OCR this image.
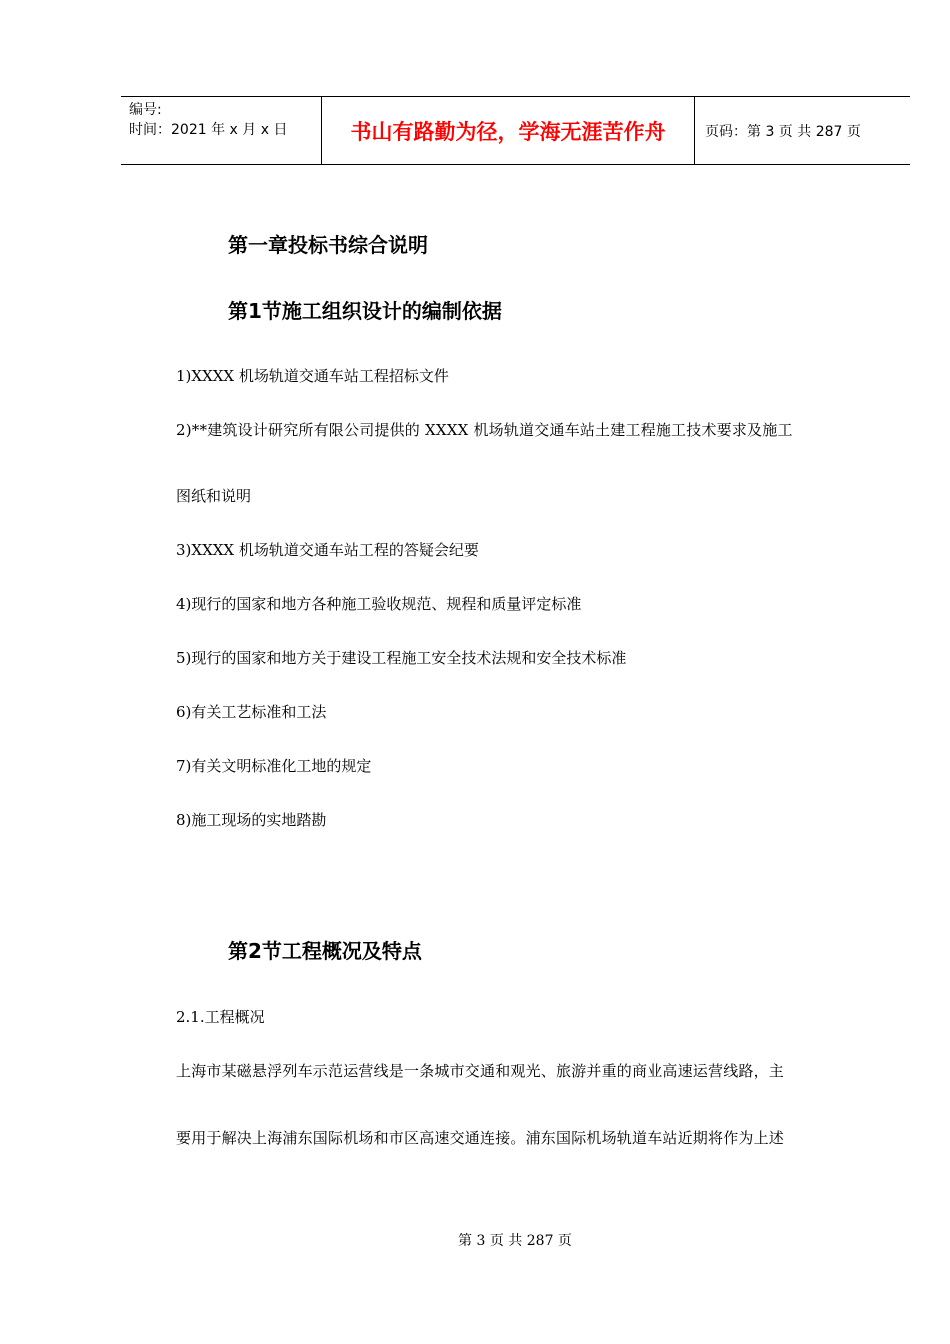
编号:
时间：2021 年 x 月 x 日	书山有路勤为径，学海无涯苦作舟	页码：第 3 页 共 287 页
第一章投标书综合说明
第1节施工组织设计的编制依据
1)XXXX 机场轨道交通车站工程招标文件
2)**建筑设计研究所有限公司提供的 XXXX 机场轨道交通车站土建工程施工技术要求及施工
图纸和说明
3)XXXX 机场轨道交通车站工程的答疑会纪要
4)现行的国家和地方各种施工验收规范、规程和质量评定标准
5)现行的国家和地方关于建设工程施工安全技术法规和安全技术标准
6)有关工艺标准和工法
7)有关文明标准化工地的规定
8)施工现场的实地踏勘
第2节工程概况及特点
2.1.工程概况
上海市某磁悬浮列车示范运营线是一条城市交通和观光、旅游并重的商业高速运营线路，主
要用于解决上海浦东国际机场和市区高速交通连接。浦东国际机场轨道车站近期将作为上述
第 3 页 共 287 页
